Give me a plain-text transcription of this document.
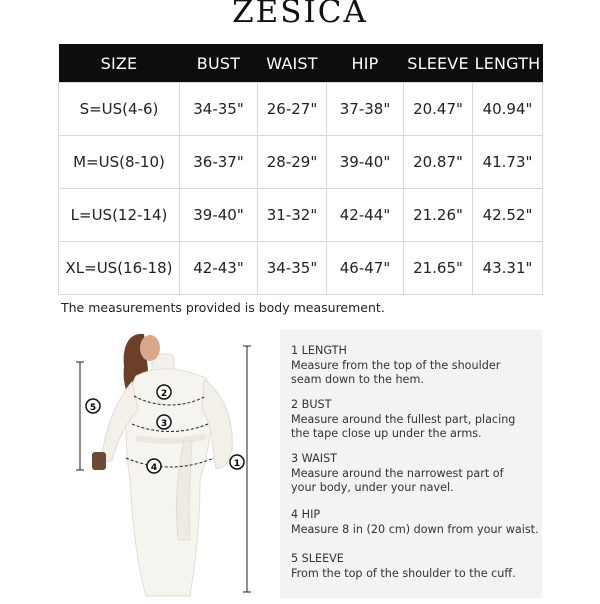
ZESICA
SIZE	BUST	WAIST	HIP	SLEEVE	LENGTH
S=US(4-6)	34-35"	26-27"	37-38"	20.47"	40.94"
M=US(8-10)	36-37"	28-29"	39-40"	20.87"	41.73"
L=US(12-14)	39-40"	31-32"	42-44"	21.26"	42.52"
XL=US(16-18)	42-43"	34-35"	46-47"	21.65"	43.31"
The measurements provided is body measurement.
2
3
4	1
5
1 LENGTH
Measure from the top of the shoulder
seam down to the hem.
2 BUST
Measure around the fullest part, placing
the tape close up under the arms.
3 WAIST
Measure around the narrowest part of
your body, under your navel.
4 HIP
Measure 8 in (20 cm) down from your waist.
5 SLEEVE
From the top of the shoulder to the cuff.
